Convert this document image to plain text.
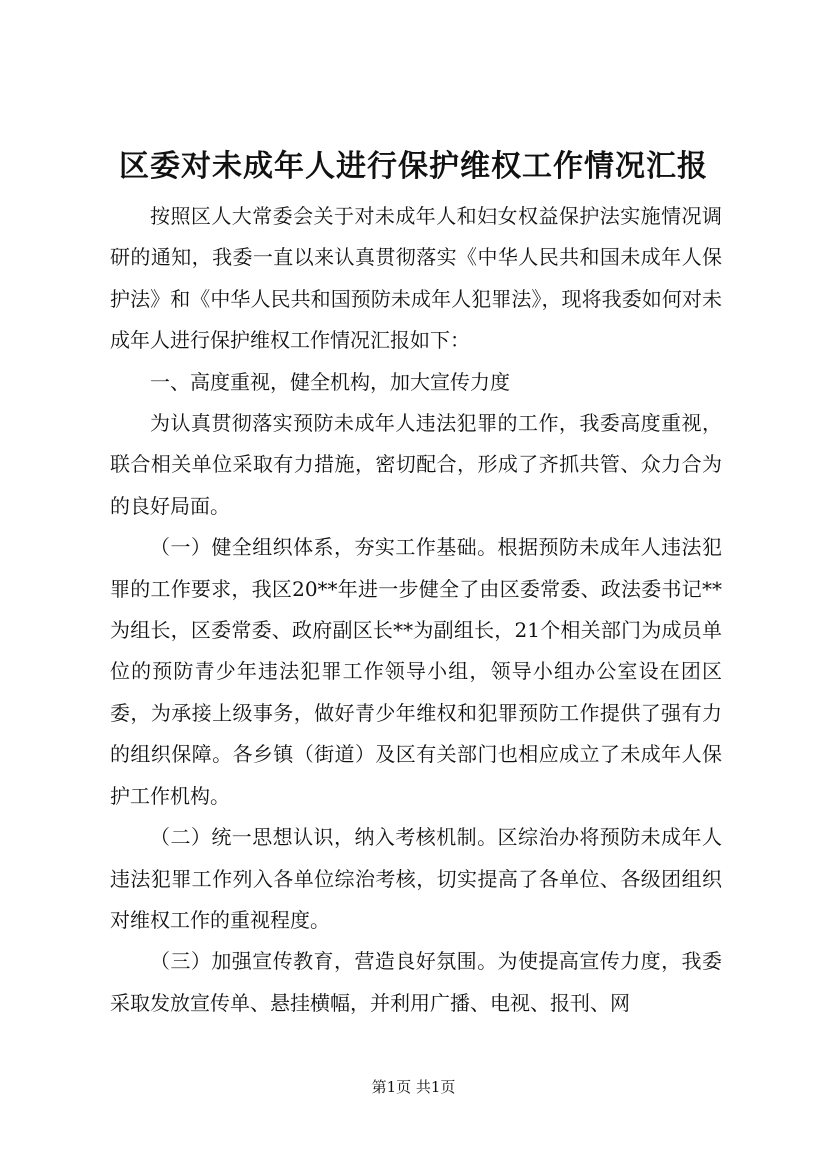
区委对未成年人进行保护维权工作情况汇报

按照区人大常委会关于对未成年人和妇女权益保护法实施情况调研的通知，我委一直以来认真贯彻落实《中华人民共和国未成年人保护法》和《中华人民共和国预防未成年人犯罪法》，现将我委如何对未成年人进行保护维权工作情况汇报如下：

一、高度重视，健全机构，加大宣传力度

为认真贯彻落实预防未成年人违法犯罪的工作，我委高度重视，联合相关单位采取有力措施，密切配合，形成了齐抓共管、众力合为的良好局面。

（一）健全组织体系，夯实工作基础。根据预防未成年人违法犯罪的工作要求，我区20**年进一步健全了由区委常委、政法委书记**为组长，区委常委、政府副区长**为副组长，21个相关部门为成员单位的预防青少年违法犯罪工作领导小组，领导小组办公室设在团区委，为承接上级事务，做好青少年维权和犯罪预防工作提供了强有力的组织保障。各乡镇（街道）及区有关部门也相应成立了未成年人保护工作机构。

（二）统一思想认识，纳入考核机制。区综治办将预防未成年人违法犯罪工作列入各单位综治考核，切实提高了各单位、各级团组织对维权工作的重视程度。

（三）加强宣传教育，营造良好氛围。为使提高宣传力度，我委采取发放宣传单、悬挂横幅，并利用广播、电视、报刊、网

第1页 共1页
